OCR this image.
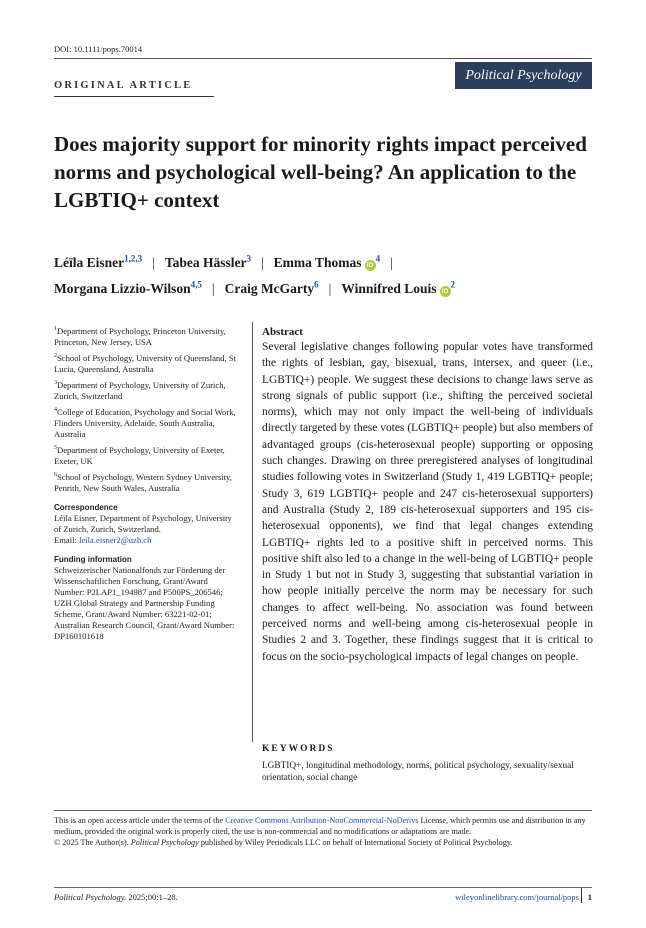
DOI: 10.1111/pops.70014
ORIGINAL ARTICLE
Political Psychology
Does majority support for minority rights impact perceived norms and psychological well-being? An application to the LGBTIQ+ context
Léïla Eisner$^{1,2,3}$ | Tabea Hässler$^3$ | Emma Thomas $iD^4$ |
Morgana Lizzio-Wilson$^{4,5}$ | Craig McGarty$^6$ | Winnifred Louis $iD^2$
$^1$Department of Psychology, Princeton University, Princeton, New Jersey, USA
$^2$School of Psychology, University of Queensland, St Lucia, Queensland, Australia
$^3$Department of Psychology, University of Zurich, Zurich, Switzerland
$^4$College of Education, Psychology and Social Work, Flinders University, Adelaide, South Australia, Australia
$^5$Department of Psychology, University of Exeter, Exeter, UK
$^6$School of Psychology, Western Sydney University, Penrith, New South Wales, Australia
Correspondence
Léïla Eisner, Department of Psychology, University of Zurich, Zurich, Switzerland.
Email: leila.eisner2@uzh.ch
Funding information
Schweizerischer Nationalfonds zur Förderung der Wissenschaftlichen Forschung, Grant/Award Number: P2LAP1_194987 and P500PS_206546; UZH Global Strategy and Partnership Funding Scheme, Grant/Award Number: 63221-02-01; Australian Research Council, Grant/Award Number: DP160101618
Abstract

Several legislative changes following popular votes have transformed the rights of lesbian, gay, bisexual, trans, intersex, and queer (i.e., LGBTIQ+) people. We suggest these decisions to change laws serve as strong signals of public support (i.e., shifting the perceived societal norms), which may not only impact the well-being of individuals directly targeted by these votes (LGBTIQ+ people) but also members of advantaged groups (cis-heterosexual people) supporting or opposing such changes. Drawing on three preregistered analyses of longitudinal studies following votes in Switzerland (Study 1, 419 LGBTIQ+ people; Study 3, 619 LGBTIQ+ people and 247 cis-heterosexual supporters) and Australia (Study 2, 189 cis-heterosexual supporters and 195 cis-heterosexual opponents), we find that legal changes extending LGBTIQ+ rights led to a positive shift in perceived norms. This positive shift also led to a change in the well-being of LGBTIQ+ people in Study 1 but not in Study 3, suggesting that substantial variation in how people initially perceive the norm may be necessary for such changes to affect well-being. No association was found between perceived norms and well-being among cis-heterosexual people in Studies 2 and 3. Together, these findings suggest that it is critical to focus on the socio-psychological impacts of legal changes on people.

KEYWORDS
LGBTIQ+, longitudinal methodology, norms, political psychology, sexuality/sexual orientation, social change
This is an open access article under the terms of the Creative Commons Attribution-NonCommercial-NoDerivs License, which permits use and distribution in any medium, provided the original work is properly cited, the use is non-commercial and no modifications or adaptations are made.
© 2025 The Author(s). Political Psychology published by Wiley Periodicals LLC on behalf of International Society of Political Psychology.
Political Psychology. 2025;00:1–28.	wileyonlinelibrary.com/journal/pops 1
